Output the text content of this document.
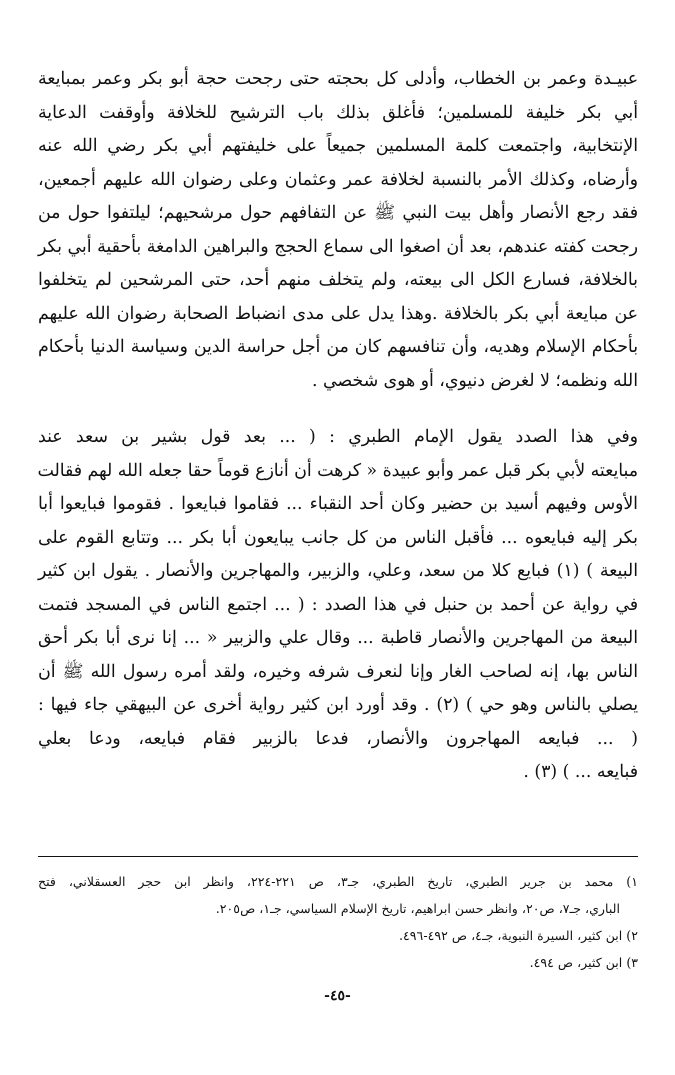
عبيـدة وعمر بن الخطاب، وأدلى كل بحجته حتى رجحت حجة أبو بكر وعمر بمبايعة
أبي بكر خليفة للمسلمين؛ فأغلق بذلك باب الترشيح للخلافة وأوقفت الدعاية
الإنتخابية، واجتمعت كلمة المسلمين جميعاً على خليفتهم أبي بكر رضي الله عنه
وأرضاه، وكذلك الأمر بالنسبة لخلافة عمر وعثمان وعلى رضوان الله عليهم أجمعين،
فقد رجع الأنصار وأهل بيت النبي ﷺ عن التفافهم حول مرشحيهم؛ ليلتفوا حول من
رجحت كفته عندهم، بعد أن اصغوا الى سماع الحجج والبراهين الدامغة بأحقية أبي بكر
بالخلافة، فسارع الكل الى بيعته، ولم يتخلف منهم أحد، حتى المرشحين لم يتخلفوا
عن مبايعة أبي بكر بالخلافة .وهذا يدل على مدى انضباط الصحابة رضوان الله عليهم
بأحكام الإسلام وهديه، وأن تنافسهم كان من أجل حراسة الدين وسياسة الدنيا بأحكام
الله ونظمه؛ لا لغرض دنيوي، أو هوى شخصي .
وفي هذا الصدد يقول الإمام الطبري : ( ... بعد قول بشير بن سعد عند
مبايعته لأبي بكر قبل عمر وأبو عبيدة « كرهت أن أنازع قوماً حقا جعله الله لهم فقالت
الأوس وفيهم أسيد بن حضير وكان أحد النقباء ... فقاموا فبايعوا . فقوموا فبايعوا أبا
بكر إليه فبايعوه ... فأقبل الناس من كل جانب يبايعون أبا بكر ... وتتابع القوم على
البيعة ) (١) فبايع كلا من سعد، وعلي، والزبير، والمهاجرين والأنصار . يقول ابن كثير
في رواية عن أحمد بن حنبل في هذا الصدد : ( ... اجتمع الناس في المسجد فتمت
البيعة من المهاجرين والأنصار قاطبة ... وقال علي والزبير « ... إنا نرى أبا بكر أحق
الناس بها، إنه لصاحب الغار وإنا لنعرف شرفه وخيره، ولقد أمره رسول الله ﷺ أن
يصلي بالناس وهو حي ) (٢) . وقد أورد ابن كثير رواية أخرى عن البيهقي جاء فيها :
( ... فبايعه المهاجرون والأنصار، فدعا بالزبير فقام فبايعه، ودعا بعلي
فبايعه ... ) (٣) .
١) محمد بن جرير الطبري، تاريخ الطبري، جـ٣، ص ٢٢١-٢٢٤، وانظر ابن حجر العسقلاني، فتح
الباري، جـ٧، ص٢٠، وانظر حسن ابراهيم، تاريخ الإسلام السياسي، جـ١، ص٢٠٥.
٢) ابن كثير، السيرة النبوية، جـ٤، ص ٤٩٢-٤٩٦.
٣) ابن كثير، ص ٤٩٤.
-٤٥-
